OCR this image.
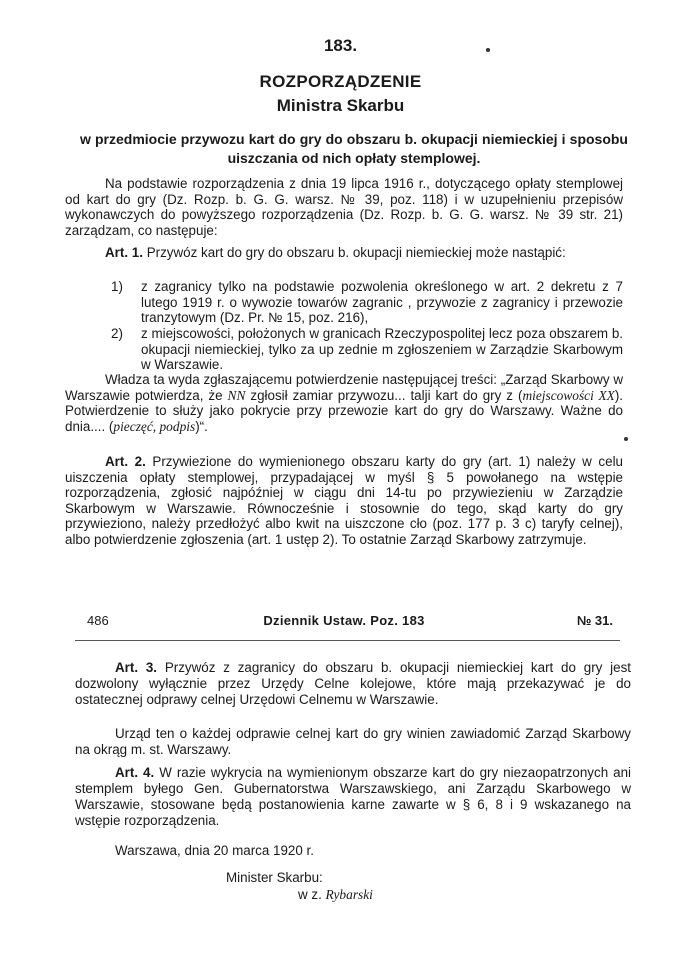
183.
ROZPORZĄDZENIE
Ministra Skarbu
w przedmiocie przywozu kart do gry do obszaru b. okupacji niemieckiej i sposobu uiszczania od nich opłaty stemplowej.

Na podstawie rozporządzenia z dnia 19 lipca 1916 r., dotyczącego opłaty stemplowej od kart do gry (Dz. Rozp. b. G. G. warsz. № 39, poz. 118) i w uzupełnieniu przepisów wykonawczych do powyższego rozporządzenia (Dz. Rozp. b. G. G. warsz. № 39 str. 21) zarządzam, co następuje:

Art. 1. Przywóz kart do gry do obszaru b. okupacji niemieckiej może nastąpić:

1) z zagranicy tylko na podstawie pozwolenia określonego w art. 2 dekretu z 7 lutego 1919 r. o wywozie towarów zagranic , przywozie z zagranicy i przewozie tranzytowym (Dz. Pr. № 15, poz. 216),
2) z miejscowości, położonych w granicach Rzeczypospolitej lecz poza obszarem b. okupacji niemieckiej, tylko za up zednie m zgłoszeniem w Zarządzie Skarbowym w Warszawie.

Władza ta wyda zgłaszającemu potwierdzenie następującej treści: „Zarząd Skarbowy w Warszawie potwierdza, że NN zgłosił zamiar przywozu... talji kart do gry z (miejscowości XX). Potwierdzenie to służy jako pokrycie przy przewozie kart do gry do Warszawy. Ważne do dnia.... (pieczęć, podpis)“.

Art. 2. Przywiezione do wymienionego obszaru karty do gry (art. 1) należy w celu uiszczenia opłaty stemplowej, przypadającej w myśl § 5 powołanego na wstępie rozporządzenia, zgłosić najpóźniej w ciągu dni 14-tu po przywiezieniu w Zarządzie Skarbowym w Warszawie. Równocześnie i stosownie do tego, skąd karty do gry przywieziono, należy przedłożyć albo kwit na uiszczone cło (poz. 177 p. 3 c) taryfy celnej), albo potwierdzenie zgłoszenia (art. 1 ustęp 2). To ostatnie Zarząd Skarbowy zatrzymuje.

486	Dziennik Ustaw. Poz. 183	№ 31.

Art. 3. Przywóz z zagranicy do obszaru b. okupacji niemieckiej kart do gry jest dozwolony wyłącznie przez Urzędy Celne kolejowe, które mają przekazywać je do ostatecznej odprawy celnej Urzędowi Celnemu w Warszawie.

Urząd ten o każdej odprawie celnej kart do gry winien zawiadomić Zarząd Skarbowy na okrąg m. st. Warszawy.

Art. 4. W razie wykrycia na wymienionym obszarze kart do gry niezaopatrzonych ani stemplem byłego Gen. Gubernatorstwa Warszawskiego, ani Zarządu Skarbowego w Warszawie, stosowane będą postanowienia karne zawarte w § 6, 8 i 9 wskazanego na wstępie rozporządzenia.

Warszawa, dnia 20 marca 1920 r.
Minister Skarbu:
w z. Rybarski
